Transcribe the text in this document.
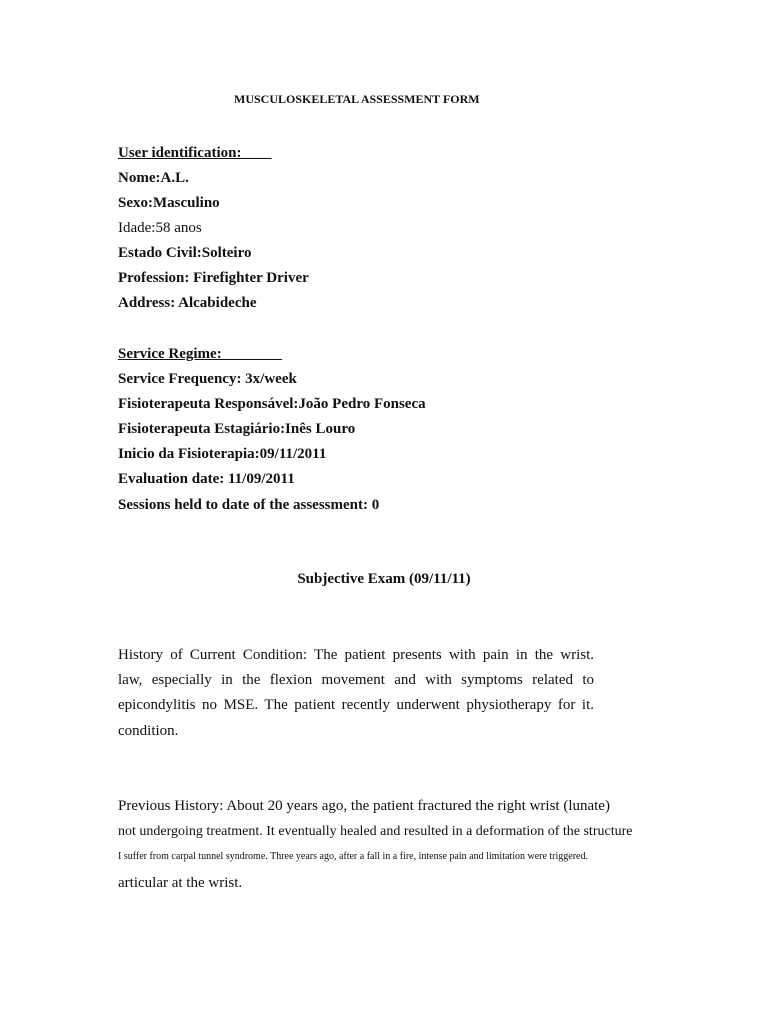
MUSCULOSKELETAL ASSESSMENT FORM
User identification:____
Nome:A.L.
Sexo:Masculino
Idade:58 anos
Estado Civil:Solteiro
Profession: Firefighter Driver
Address: Alcabideche
Service Regime:________
Service Frequency: 3x/week
Fisioterapeuta Responsável:João Pedro Fonseca
Fisioterapeuta Estagiário:Inês Louro
Inicio da Fisioterapia:09/11/2011
Evaluation date: 11/09/2011
Sessions held to date of the assessment: 0
Subjective Exam (09/11/11)
History of Current Condition: The patient presents with pain in the wrist.
law, especially in the flexion movement and with symptoms related to
epicondylitis no MSE. The patient recently underwent physiotherapy for it.
condition.
Previous History: About 20 years ago, the patient fractured the right wrist (lunate)
not undergoing treatment. It eventually healed and resulted in a deformation of the structure
I suffer from carpal tunnel syndrome. Three years ago, after a fall in a fire, intense pain and limitation were triggered.
articular at the wrist.
